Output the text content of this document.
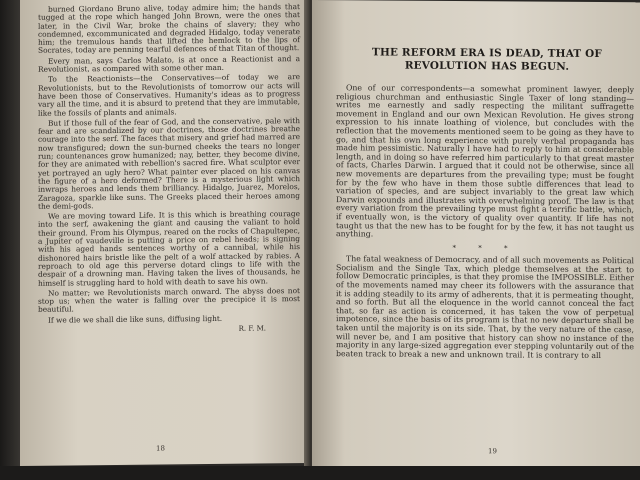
burned Giordano Bruno alive, today admire him; the hands that tugged at the rope which hanged John Brown, were the ones that later, in the Civil War, broke the chains of slavery; they who condemned, excommunicated and degraded Hidalgo, today venerate him; the tremulous hands that lifted the hemlock to the lips of Socrates, today are penning tearful defences of that Titan of thought.

Every man, says Carlos Malato, is at once a Reactionist and a Revolutionist, as compared with some other man.

To the Reactionists—the Conservatives—of today we are Revolutionists, but to the Revolutionists of tomorrow our acts will have been those of Conservatives. Humanity's ideas as to progress vary all the time, and it is absurd to pretend that they are immutable, like the fossils of plants and animals.

But if those full of the fear of God, and the conservative, pale with fear and are scandalized by our doctrines, those doctrines breathe courage into the serf. The faces that misery and grief had marred are now transfigured; down the sun-burned cheeks the tears no longer run; countenances grow humanized; nay, better, they become divine, for they are animated with rebellion's sacred fire. What sculptor ever yet portrayed an ugly hero? What painter ever placed on his canvas the figure of a hero deformed? There is a mysterious light which inwraps heroes and lends them brilliancy. Hidalgo, Juarez, Morelos, Zaragoza, sparkle like suns. The Greeks placed their heroes among the demi-gods.

We are moving toward Life. It is this which is breathing courage into the serf, awakening the giant and causing the valiant to hold their ground. From his Olympus, reared on the rocks of Chapultepec, a Jupiter of vaudeville is putting a price on rebel heads; is signing with his aged hands sentences worthy of a cannibal, while his dishonored hairs bristle like the pelt of a wolf attacked by rabies. A reproach to old age this perverse dotard clings to life with the despair of a drowning man. Having taken the lives of thousands, he himself is struggling hard to hold with death to save his own.

No matter; we Revolutionists march onward. The abyss does not stop us; when the water is falling over the precipice it is most beautiful.

If we die we shall die like suns, diffusing light.

R. F. M.
18
THE REFORM ERA IS DEAD, THAT OF
REVOLUTION HAS BEGUN.

One of our correspondents—a somewhat prominent lawyer, deeply religious churchman and enthusiastic Single Taxer of long standing—writes me earnestly and sadly respecting the militant suffragette movement in England and our own Mexican Revolution. He gives strong expression to his innate loathing of violence, but concludes with the reflection that the movements mentioned seem to be going as they have to go, and that his own long experience with purely verbal propaganda has made him pessimistic. Naturally I have had to reply to him at considerable length, and in doing so have referred him particularly to that great master of facts, Charles Darwin. I argued that it could not be otherwise, since all new movements are departures from the prevailing type; must be fought for by the few who have in them those subtle differences that lead to variation of species, and are subject invariably to the great law which Darwin expounds and illustrates with overwhelming proof. The law is that every variation from the prevailing type must fight a terrific battle, which, if eventually won, is the victory of quality over quantity. If life has not taught us that the new has to be fought for by the few, it has not taught us anything.

* * *

The fatal weakness of Democracy, and of all such movements as Political Socialism and the Single Tax, which pledge themselves at the start to follow Democratic principles, is that they promise the IMPOSSIBLE. Either of the movements named may cheer its followers with the assurance that it is adding steadily to its army of adherents, that it is permeating thought, and so forth. But all the eloquence in the world cannot conceal the fact that, so far as action is concerned, it has taken the vow of perpetual impotence, since the basis of its program is that no new departure shall be taken until the majority is on its side. That, by the very nature of the case, will never be, and I am positive that history can show no instance of the majority in any large-sized aggregation ever stepping voluntarily out of the beaten track to break a new and unknown trail. It is contrary to all

19
